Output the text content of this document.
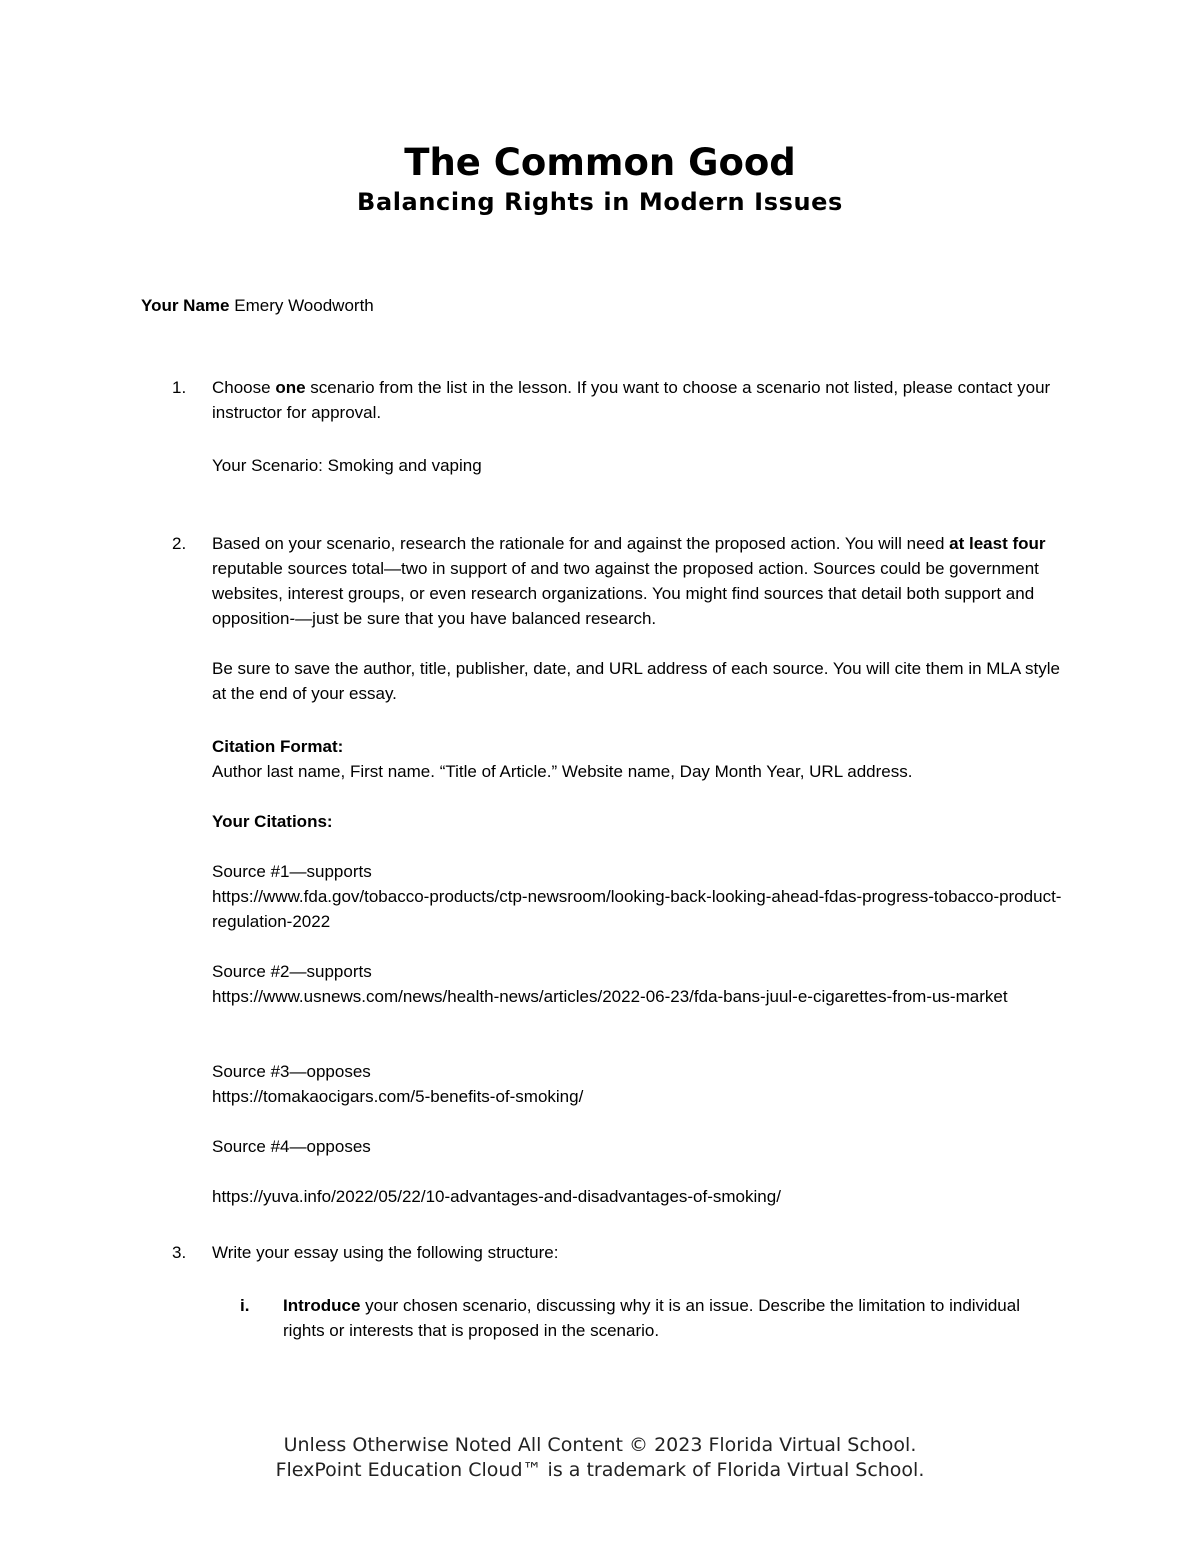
The Common Good
Balancing Rights in Modern Issues
Your Name Emery Woodworth
1. Choose one scenario from the list in the lesson. If you want to choose a scenario not listed, please contact your instructor for approval.
Your Scenario: Smoking and vaping
2. Based on your scenario, research the rationale for and against the proposed action. You will need at least four reputable sources total—two in support of and two against the proposed action. Sources could be government websites, interest groups, or even research organizations. You might find sources that detail both support and opposition-—just be sure that you have balanced research.
Be sure to save the author, title, publisher, date, and URL address of each source. You will cite them in MLA style at the end of your essay.
Citation Format:
Author last name, First name. “Title of Article.” Website name, Day Month Year, URL address.
Your Citations:
Source #1—supports
https://www.fda.gov/tobacco-products/ctp-newsroom/looking-back-looking-ahead-fdas-progress-tobacco-product-regulation-2022
Source #2—supports
https://www.usnews.com/news/health-news/articles/2022-06-23/fda-bans-juul-e-cigarettes-from-us-market
Source #3—opposes
https://tomakaocigars.com/5-benefits-of-smoking/
Source #4—opposes
https://yuva.info/2022/05/22/10-advantages-and-disadvantages-of-smoking/
3. Write your essay using the following structure:
i. Introduce your chosen scenario, discussing why it is an issue. Describe the limitation to individual rights or interests that is proposed in the scenario.
Unless Otherwise Noted All Content © 2023 Florida Virtual School.
FlexPoint Education Cloud™ is a trademark of Florida Virtual School.
